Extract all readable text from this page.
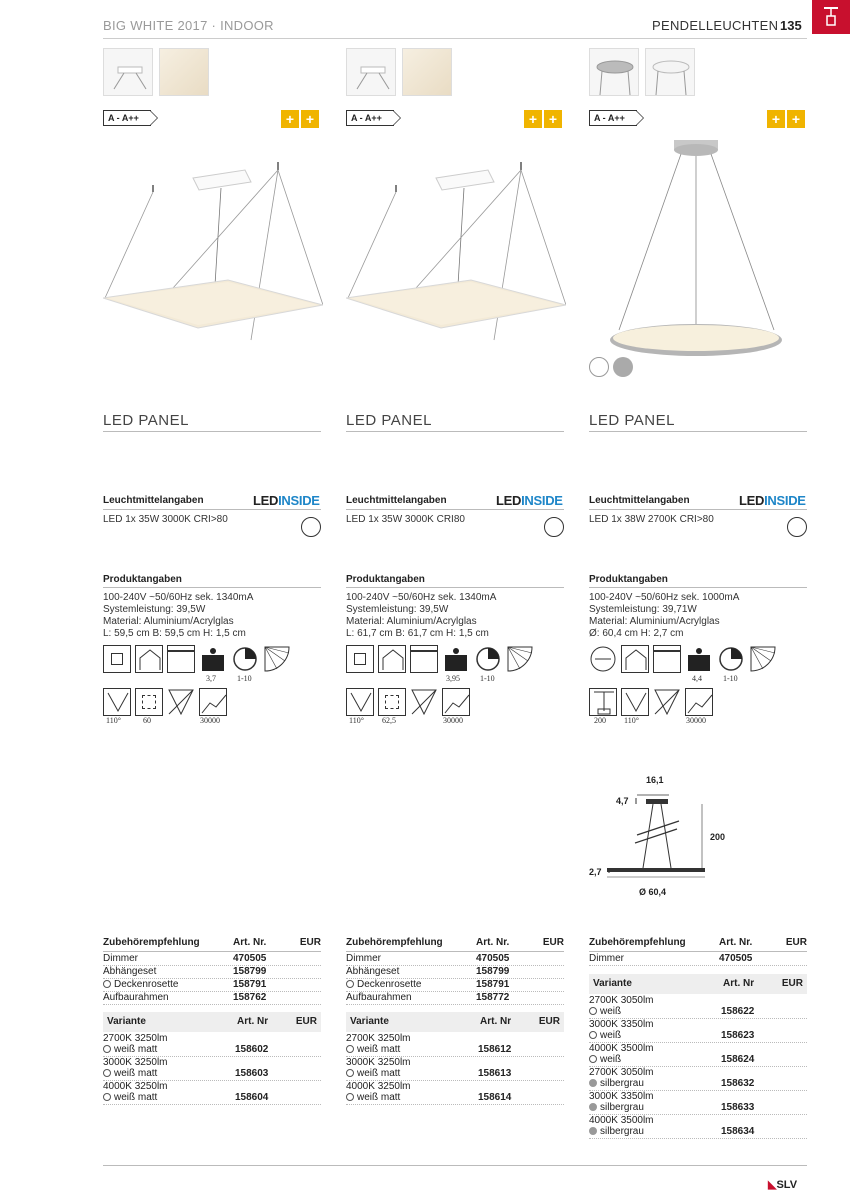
BIG WHITE 2017 · INDOOR	PENDELLEUCHTEN 135
A - A++	+ +
LED PANEL
Leuchtmittelangaben	LEDINSIDE
LED 1x 35W 3000K CRI>80
Produktangaben
100-240V ~50/60Hz sek. 1340mA
Systemleistung: 39,5W
Material: Aluminium/Acrylglas
L: 59,5 cm B: 59,5 cm H: 1,5 cm
3,7	1-10
110°	60	30000
Zubehörempfehlung	Art. Nr.	EUR
Dimmer	470505
Abhängeset	158799
Deckenrosette	158791
Aufbaurahmen	158762
Variante	Art. Nr	EUR
2700K 3250lm
weiß matt	158602
3000K 3250lm
weiß matt	158603
4000K 3250lm
weiß matt	158604
A - A++	+ +
LED PANEL
Leuchtmittelangaben	LEDINSIDE
LED 1x 35W 3000K CRI80
Produktangaben
100-240V ~50/60Hz sek. 1340mA
Systemleistung: 39,5W
Material: Aluminium/Acrylglas
L: 61,7 cm B: 61,7 cm H: 1,5 cm
3,95	1-10
110° 62,5	30000
Zubehörempfehlung	Art. Nr.	EUR
Dimmer	470505
Abhängeset	158799
Deckenrosette	158791
Aufbaurahmen	158772
Variante	Art. Nr	EUR
2700K 3250lm
weiß matt	158612
3000K 3250lm
weiß matt	158613
4000K 3250lm
weiß matt	158614
A - A++	+ +
LED PANEL
Leuchtmittelangaben	LEDINSIDE
LED 1x 38W 2700K CRI>80
Produktangaben
100-240V ~50/60Hz sek. 1000mA
Systemleistung: 39,71W
Material: Aluminium/Acrylglas
Ø: 60,4 cm H: 2,7 cm
4,4	1-10
200 110°	30000
16,1
4,7
200
2,7
Ø 60,4
Zubehörempfehlung	Art. Nr.	EUR
Dimmer	470505
Variante	Art. Nr	EUR
2700K 3050lm
weiß	158622
3000K 3350lm
weiß	158623
4000K 3500lm
weiß	158624
2700K 3050lm
silbergrau	158632
3000K 3350lm
silbergrau	158633
4000K 3500lm
silbergrau	158634
◣SLV
